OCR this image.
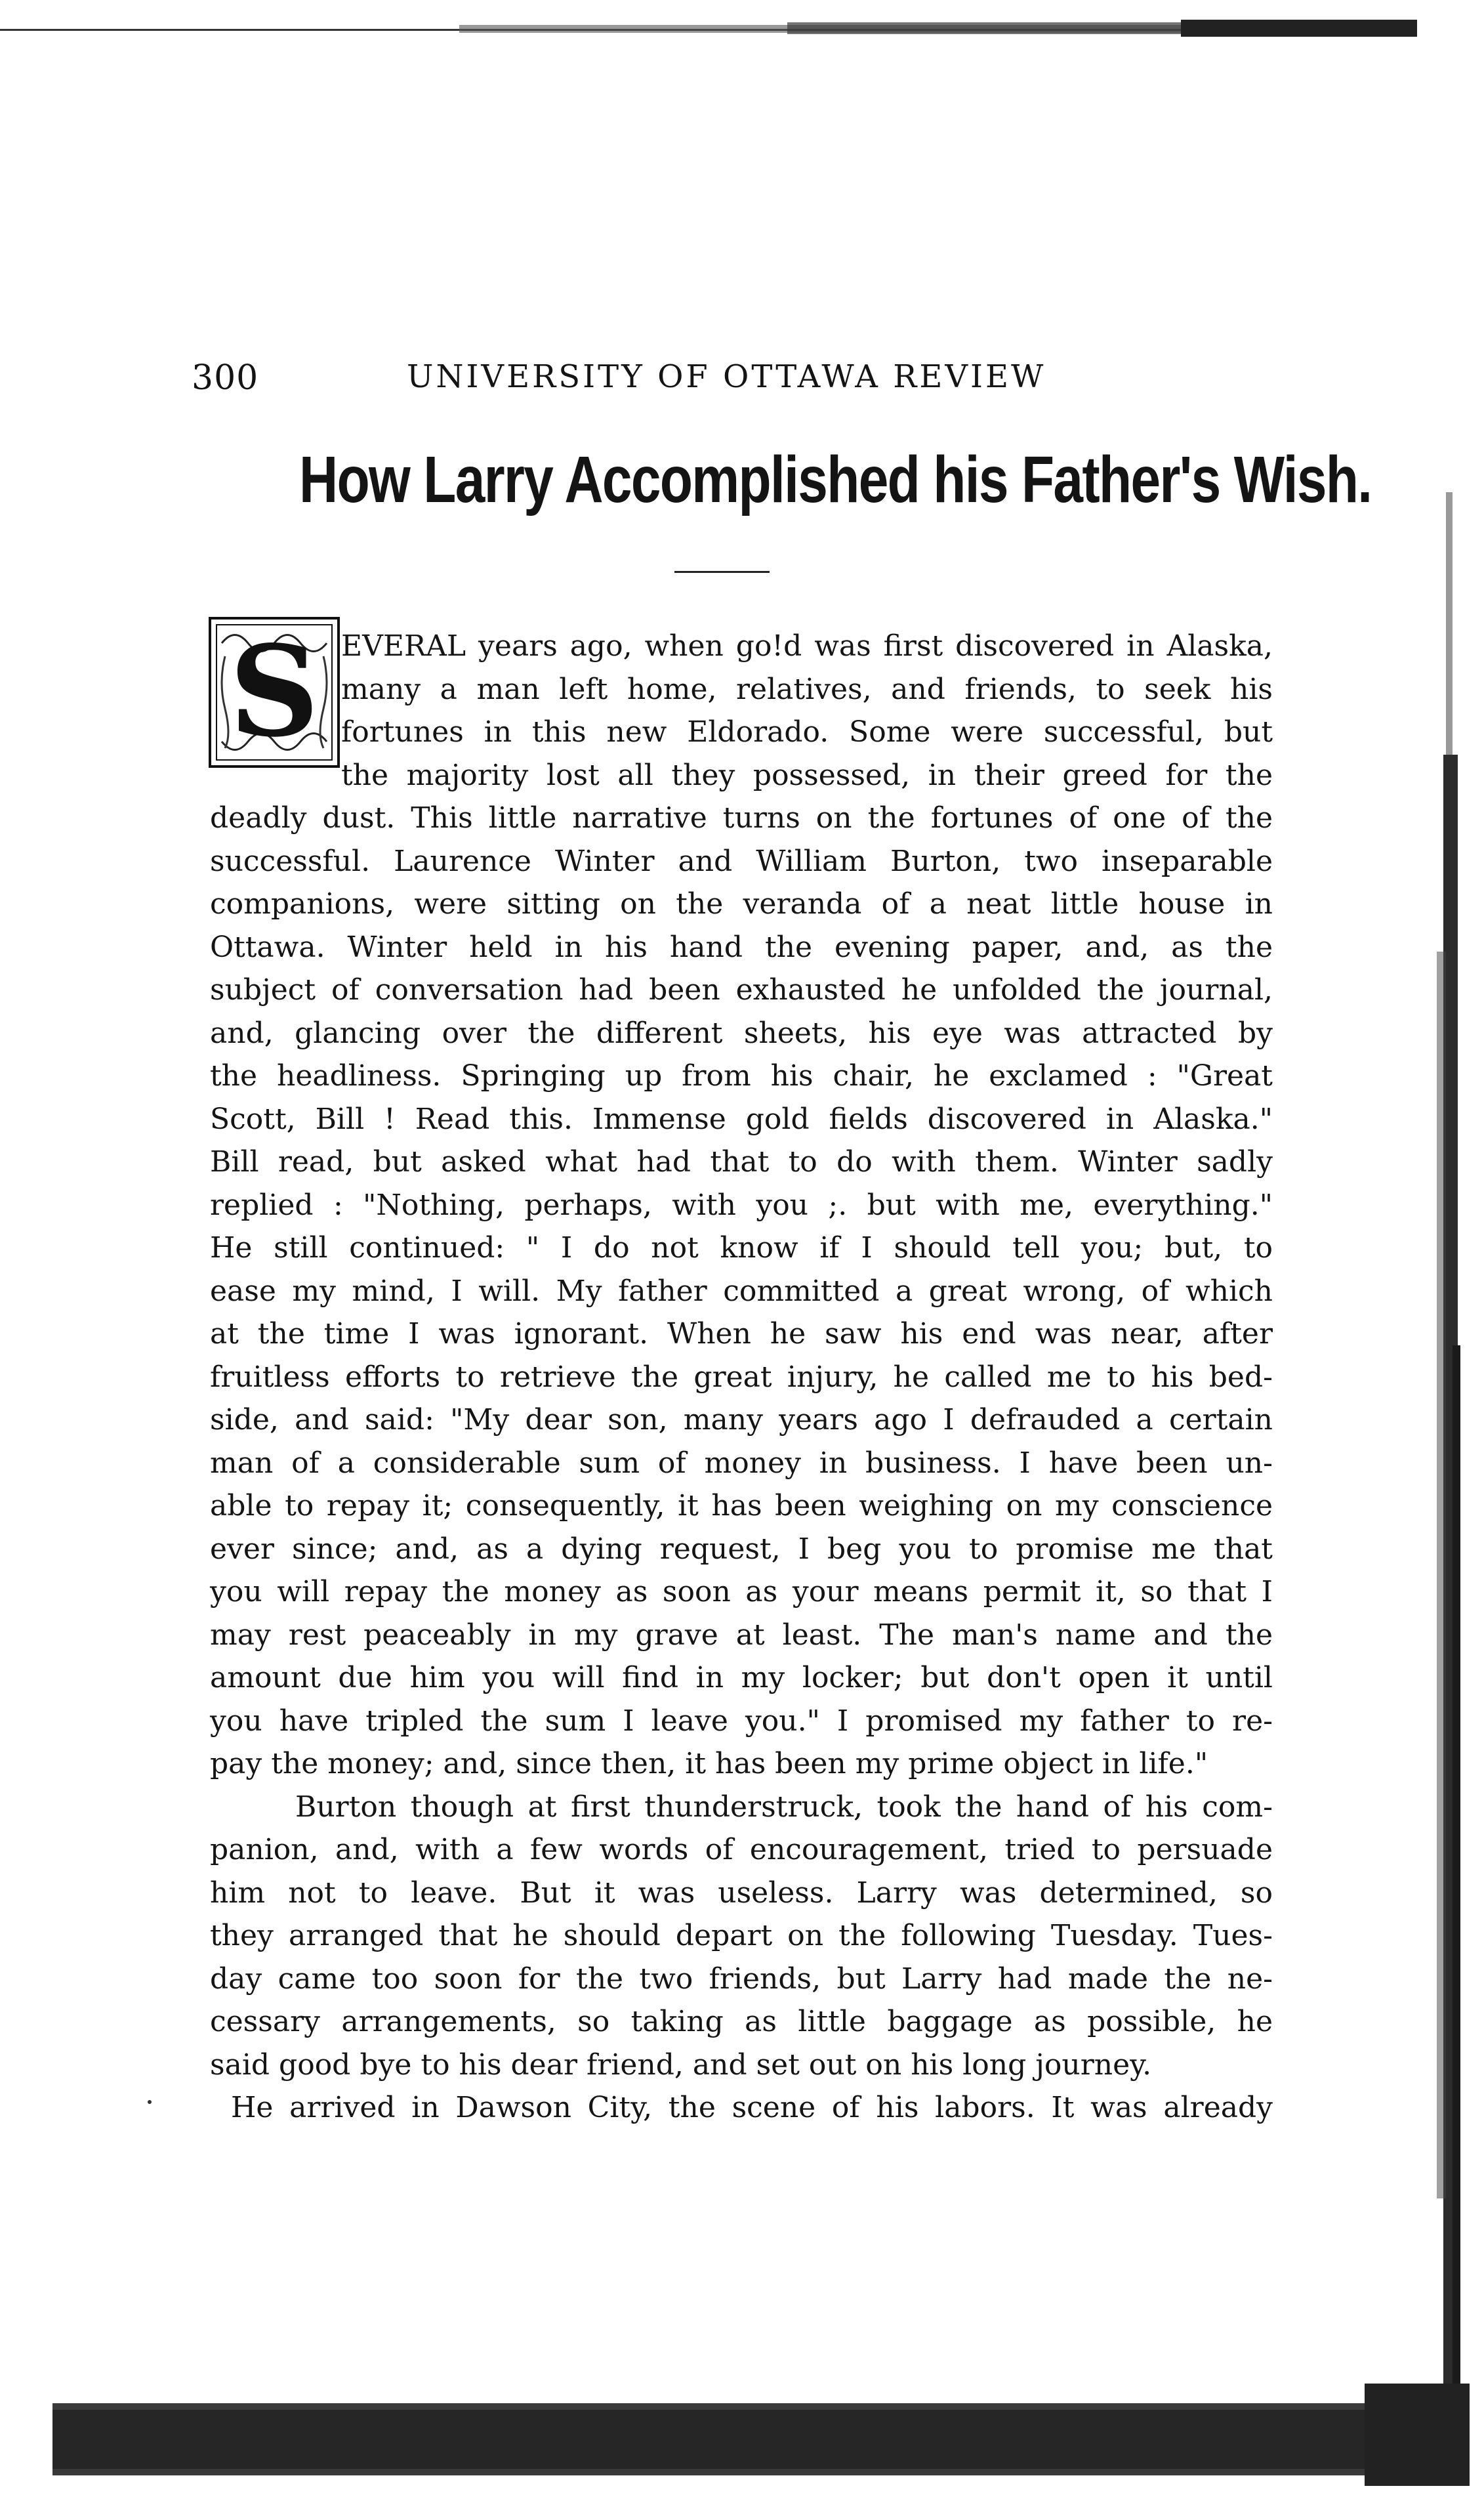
300	UNIVERSITY OF OTTAWA REVIEW
How Larry Accomplished his Father's Wish.
S EVERAL years ago, when go!d was first discovered in Alaska,
many a man left home, relatives, and friends, to seek his
fortunes in this new Eldorado. Some were successful, but
the majority lost all they possessed, in their greed for the
deadly dust. This little narrative turns on the fortunes of one of the
successful. Laurence Winter and William Burton, two inseparable
companions, were sitting on the veranda of a neat little house in
Ottawa. Winter held in his hand the evening paper, and, as the
subject of conversation had been exhausted he unfolded the journal,
and, glancing over the different sheets, his eye was attracted by
the headliness. Springing up from his chair, he exclamed : "Great
Scott, Bill ! Read this. Immense gold fields discovered in Alaska."
Bill read, but asked what had that to do with them. Winter sadly
replied : "Nothing, perhaps, with you ;. but with me, everything."
He still continued: " I do not know if I should tell you; but, to
ease my mind, I will. My father committed a great wrong, of which
at the time I was ignorant. When he saw his end was near, after
fruitless efforts to retrieve the great injury, he called me to his bed-
side, and said: "My dear son, many years ago I defrauded a certain
man of a considerable sum of money in business. I have been un-
able to repay it; consequently, it has been weighing on my conscience
ever since; and, as a dying request, I beg you to promise me that
you will repay the money as soon as your means permit it, so that I
may rest peaceably in my grave at least. The man's name and the
amount due him you will find in my locker; but don't open it until
you have tripled the sum I leave you." I promised my father to re-
pay the money; and, since then, it has been my prime object in life."
Burton though at first thunderstruck, took the hand of his com-
panion, and, with a few words of encouragement, tried to persuade
him not to leave. But it was useless. Larry was determined, so
they arranged that he should depart on the following Tuesday. Tues-
day came too soon for the two friends, but Larry had made the ne-
cessary arrangements, so taking as little baggage as possible, he
said good bye to his dear friend, and set out on his long journey.
He arrived in Dawson City, the scene of his labors. It was already
